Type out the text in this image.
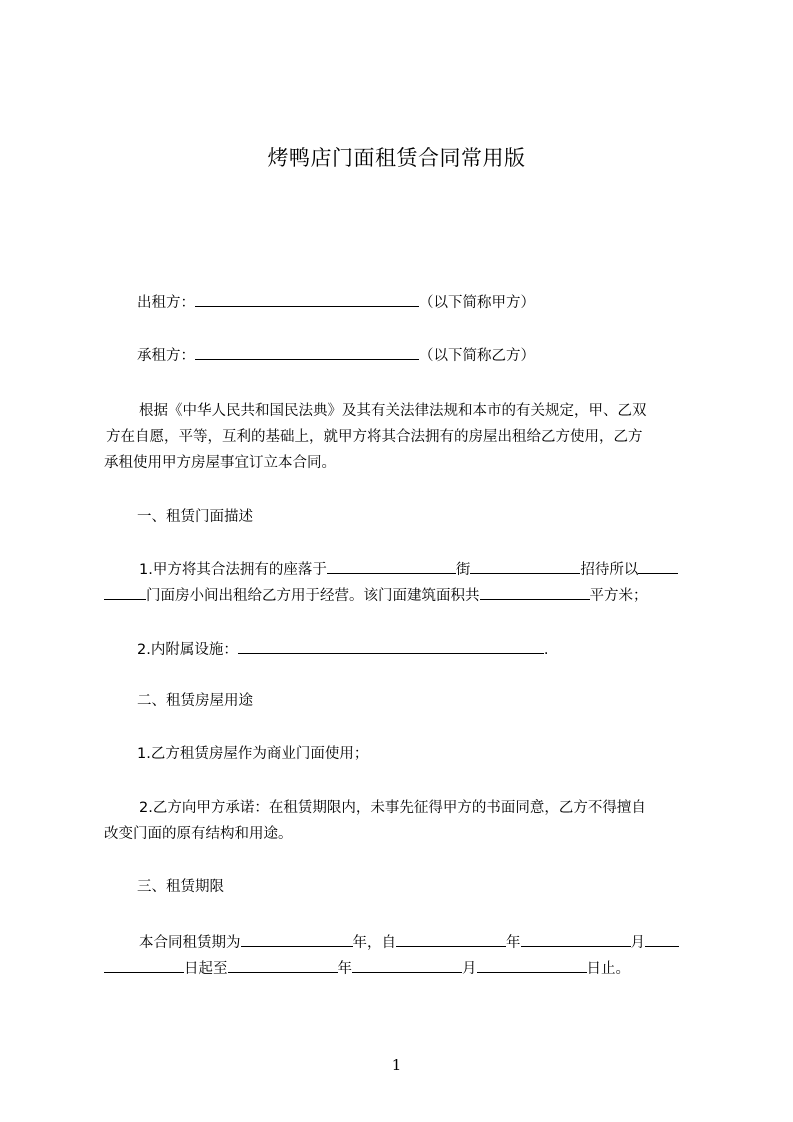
烤鸭店门面租赁合同常用版
出租方：	（以下简称甲方）
承租方：	（以下简称乙方）
根据《中华人民共和国民法典》及其有关法律法规和本市的有关规定，甲、乙双
方在自愿，平等，互利的基础上，就甲方将其合法拥有的房屋出租给乙方使用，乙方
承租使用甲方房屋事宜订立本合同。
一、租赁门面描述
1.甲方将其合法拥有的座落于	街	招待所以
门面房小间出租给乙方用于经营。该门面建筑面积共	平方米；
2.内附属设施：	.
二、租赁房屋用途
1.乙方租赁房屋作为商业门面使用；
2.乙方向甲方承诺：在租赁期限内，未事先征得甲方的书面同意，乙方不得擅自
改变门面的原有结构和用途。
三、租赁期限
本合同租赁期为	年，自	年	月
日起至	年	月	日止。
1
